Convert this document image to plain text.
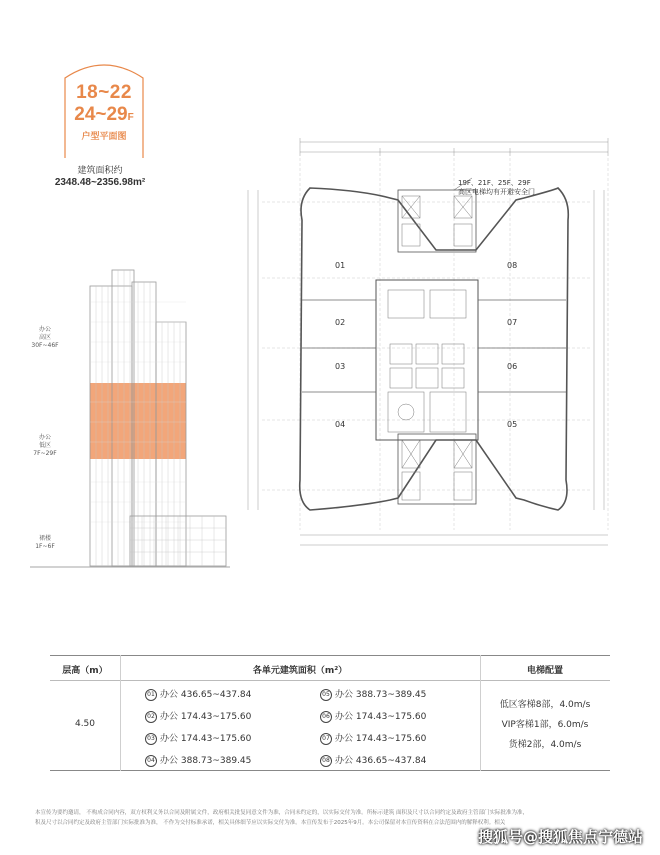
18~22
24~29F
户型平面图
建筑面积约
2348.48~2356.98m²
办公
高区
30F~46F
办公
低区
7F~29F
裙楼
1F~6F
19F、21F、25F、29F
高区电梯均有开避安全门
01
02
03
04	05
06
07
08
层高（m）	各单元建筑面积（m²）	电梯配置
4.50
01 办公 436.65~437.84	05 办公 388.73~389.45
02 办公 174.43~175.60	06 办公 174.43~175.60
03 办公 174.43~175.60	07 办公 174.43~175.60
04 办公 388.73~389.45	08 办公 436.65~437.84
低区客梯8部，4.0m/s
VIP客梯1部，6.0m/s
货梯2部，4.0m/s
本宣传为要约邀请， 不构成合同内容，双方权利义务以合同及附属文件，政府相关批复同意文件为准，合同未约定的，以实际交付为准。所标示建筑 面积及尺寸以合同约定及政府主管部门实际批准为准，
积及尺寸以合同约定及政府主管部门实际批准为准， 不作为交付标准承诺，相关具体细节应以实际交付为准。本宣传发布于2025年9月。本公司保留对本宣传资料在合法范围内的解释权利。相关
搜狐号@搜狐焦点宁德站
